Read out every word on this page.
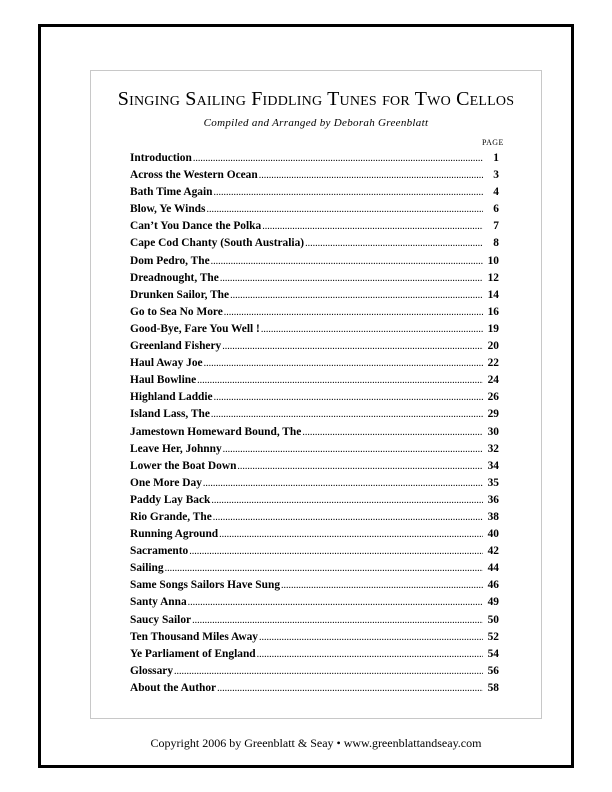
Singing Sailing Fiddling Tunes for Two Cellos
Compiled and Arranged by Deborah Greenblatt
PAGE
Introduction .....	1
Across the Western Ocean .....	3
Bath Time Again .....	4
Blow, Ye Winds .....	6
Can’t You Dance the Polka .....	7
Cape Cod Chanty (South Australia) .....	8
Dom Pedro, The .....	10
Dreadnought, The .....	12
Drunken Sailor, The .....	14
Go to Sea No More .....	16
Good-Bye, Fare You Well ! .....	19
Greenland Fishery .....	20
Haul Away Joe .....	22
Haul Bowline .....	24
Highland Laddie .....	26
Island Lass, The .....	29
Jamestown Homeward Bound, The .....	30
Leave Her, Johnny .....	32
Lower the Boat Down .....	34
One More Day .....	35
Paddy Lay Back .....	36
Rio Grande, The .....	38
Running Aground .....	40
Sacramento .....	42
Sailing .....	44
Same Songs Sailors Have Sung .....	46
Santy Anna .....	49
Saucy Sailor .....	50
Ten Thousand Miles Away .....	52
Ye Parliament of England .....	54
Glossary .....	56
About the Author .....	58
Copyright 2006 by Greenblatt & Seay • www.greenblattandseay.com
